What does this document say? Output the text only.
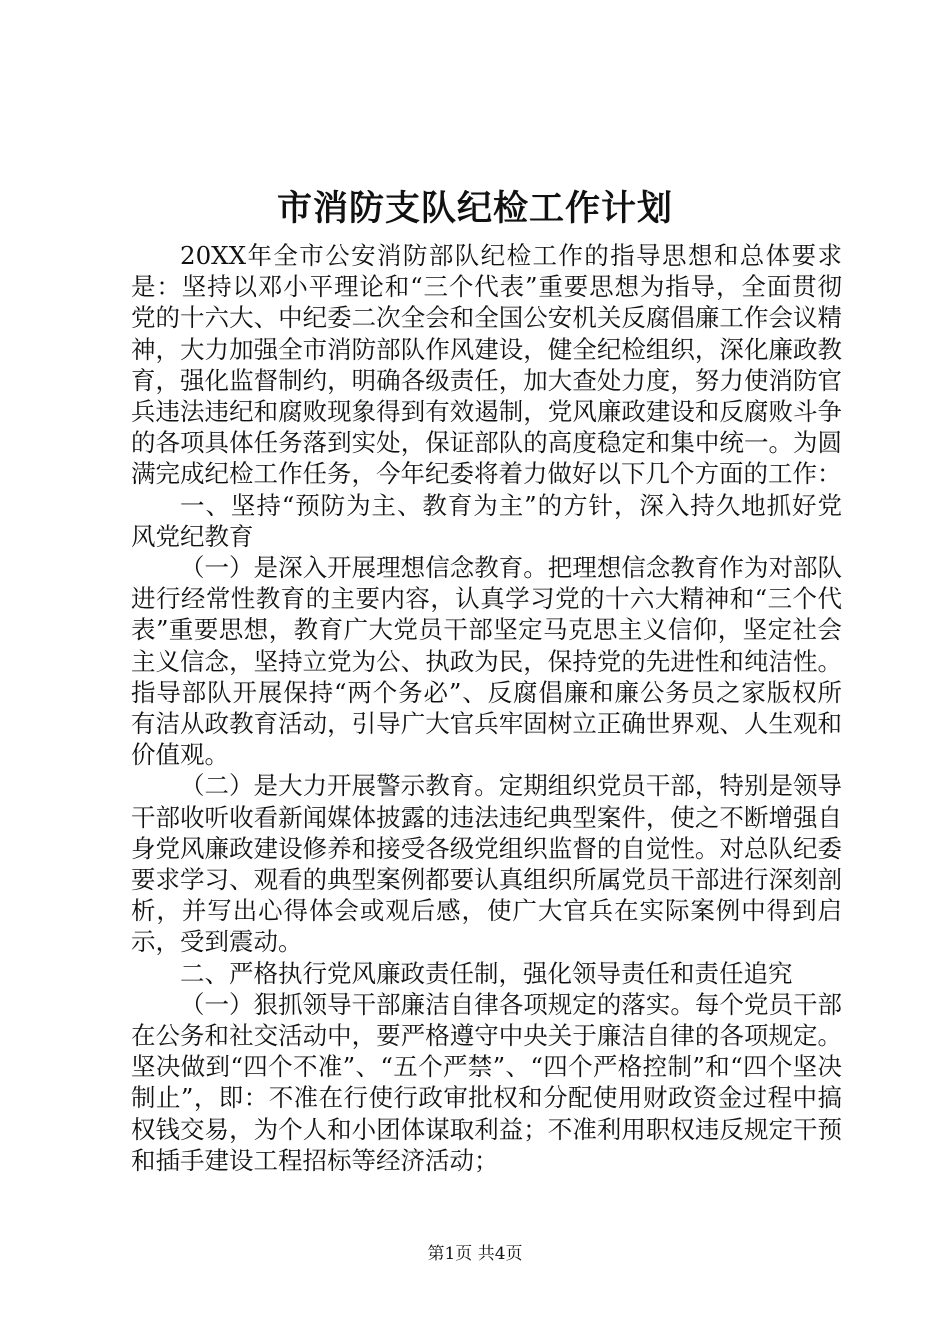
市消防支队纪检工作计划

20XX年全市公安消防部队纪检工作的指导思想和总体要求是：坚持以邓小平理论和“三个代表”重要思想为指导，全面贯彻党的十六大、中纪委二次全会和全国公安机关反腐倡廉工作会议精神，大力加强全市消防部队作风建设，健全纪检组织，深化廉政教育，强化监督制约，明确各级责任，加大查处力度，努力使消防官兵违法违纪和腐败现象得到有效遏制，党风廉政建设和反腐败斗争的各项具体任务落到实处，保证部队的高度稳定和集中统一。为圆满完成纪检工作任务，今年纪委将着力做好以下几个方面的工作：

一、坚持“预防为主、教育为主”的方针，深入持久地抓好党风党纪教育

（一）是深入开展理想信念教育。把理想信念教育作为对部队进行经常性教育的主要内容，认真学习党的十六大精神和“三个代表”重要思想，教育广大党员干部坚定马克思主义信仰，坚定社会主义信念，坚持立党为公、执政为民，保持党的先进性和纯洁性。指导部队开展保持“两个务必”、反腐倡廉和廉公务员之家版权所有洁从政教育活动，引导广大官兵牢固树立正确世界观、人生观和价值观。

（二）是大力开展警示教育。定期组织党员干部，特别是领导干部收听收看新闻媒体披露的违法违纪典型案件，使之不断增强自身党风廉政建设修养和接受各级党组织监督的自觉性。对总队纪委要求学习、观看的典型案例都要认真组织所属党员干部进行深刻剖析，并写出心得体会或观后感，使广大官兵在实际案例中得到启示，受到震动。

二、严格执行党风廉政责任制，强化领导责任和责任追究

（一）狠抓领导干部廉洁自律各项规定的落实。每个党员干部在公务和社交活动中，要严格遵守中央关于廉洁自律的各项规定。坚决做到“四个不准”、“五个严禁”、“四个严格控制”和“四个坚决制止”，即：不准在行使行政审批权和分配使用财政资金过程中搞权钱交易，为个人和小团体谋取利益；不准利用职权违反规定干预和插手建设工程招标等经济活动；

第1页 共4页
